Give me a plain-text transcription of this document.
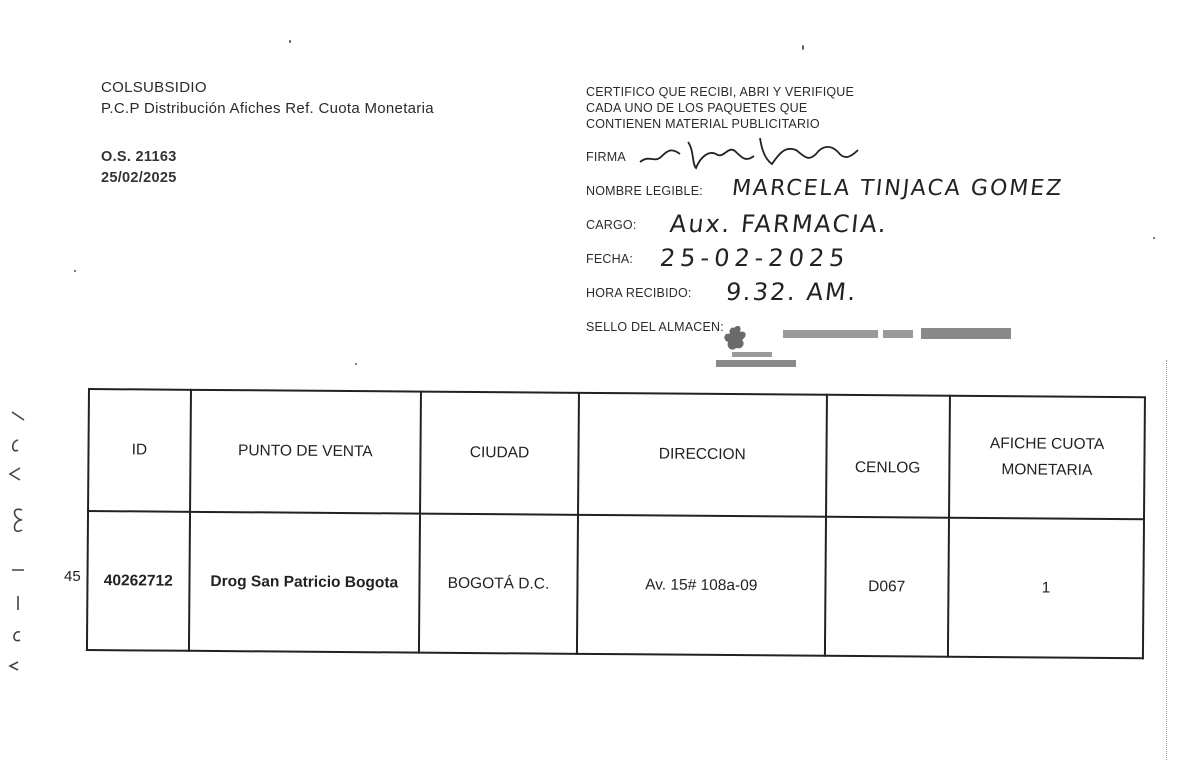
COLSUBSIDIO
P.C.P Distribución Afiches Ref. Cuota Monetaria
O.S. 21163
25/02/2025
CERTIFICO QUE RECIBI, ABRI Y VERIFIQUE
CADA UNO DE LOS PAQUETES QUE
CONTIENEN MATERIAL PUBLICITARIO
FIRMA
NOMBRE LEGIBLE: MARCELA TINJACA GOMEZ
CARGO: Aux. FARMACIA.
FECHA: 25-02-2025
HORA RECIBIDO: 9.32. AM.
SELLO DEL ALMACEN:
45
ID	PUNTO DE VENTA	CIUDAD	DIRECCION	CENLOG	AFICHE CUOTA
MONETARIA

40262712	Drog San Patricio Bogota	BOGOTÁ D.C.	Av. 15# 108a-09	D067	1
